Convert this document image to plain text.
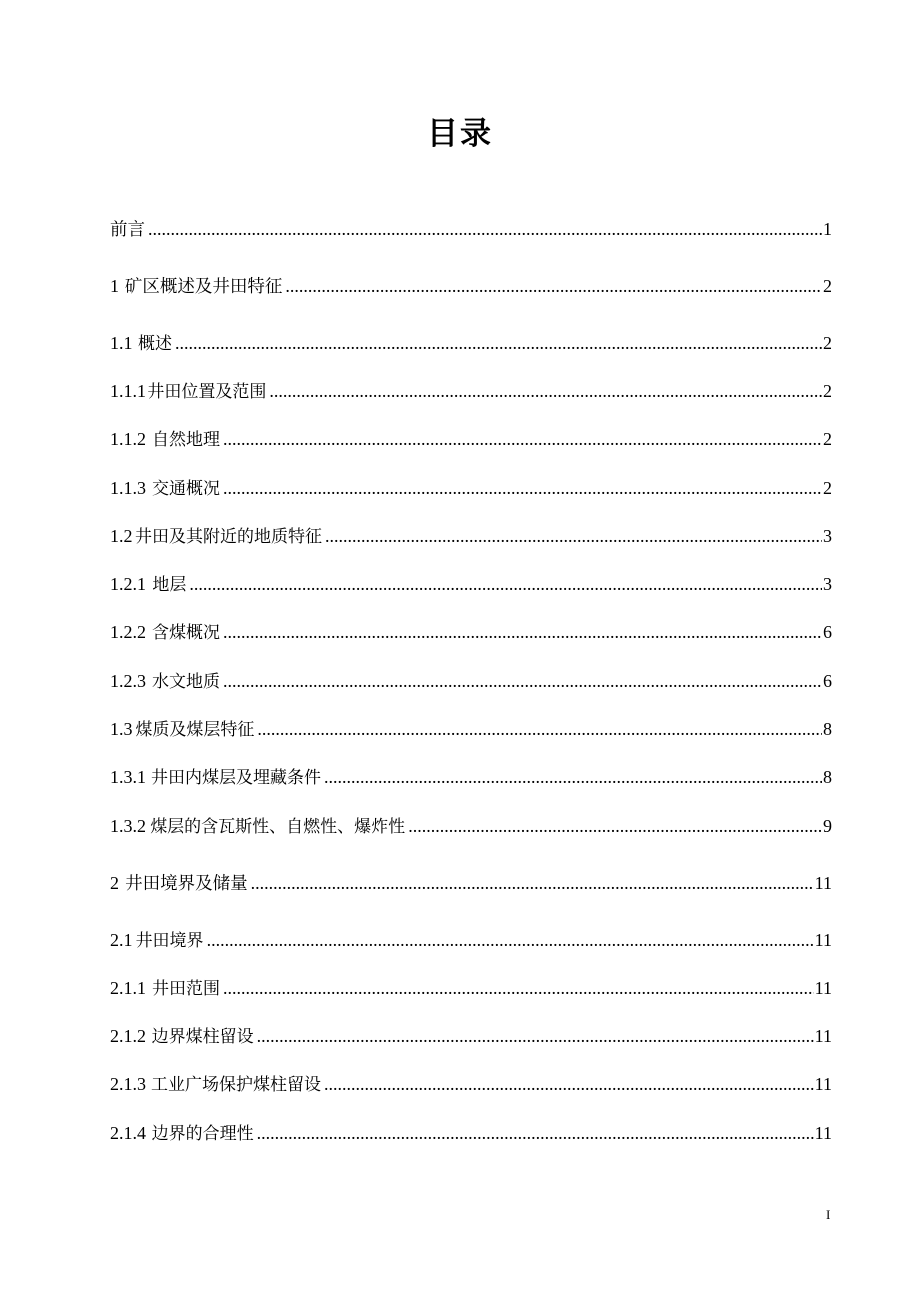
目录
前言 .....	1
1 矿区概述及井田特征 .....	2
1.1 概述 .....	2
1.1.1 井田位置及范围 .....	2
1.1.2 自然地理 .....	2
1.1.3 交通概况 .....	2
1.2 井田及其附近的地质特征 .....	3
1.2.1 地层 .....	3
1.2.2 含煤概况 .....	6
1.2.3 水文地质 .....	6
1.3 煤质及煤层特征 .....	8
1.3.1 井田内煤层及埋藏条件 .....	8
1.3.2 煤层的含瓦斯性、自燃性、爆炸性 .....	9
2 井田境界及储量 .....	11
2.1 井田境界 .....	11
2.1.1 井田范围 .....	11
2.1.2 边界煤柱留设 .....	11
2.1.3 工业广场保护煤柱留设 .....	11
2.1.4 边界的合理性 .....	11
I
